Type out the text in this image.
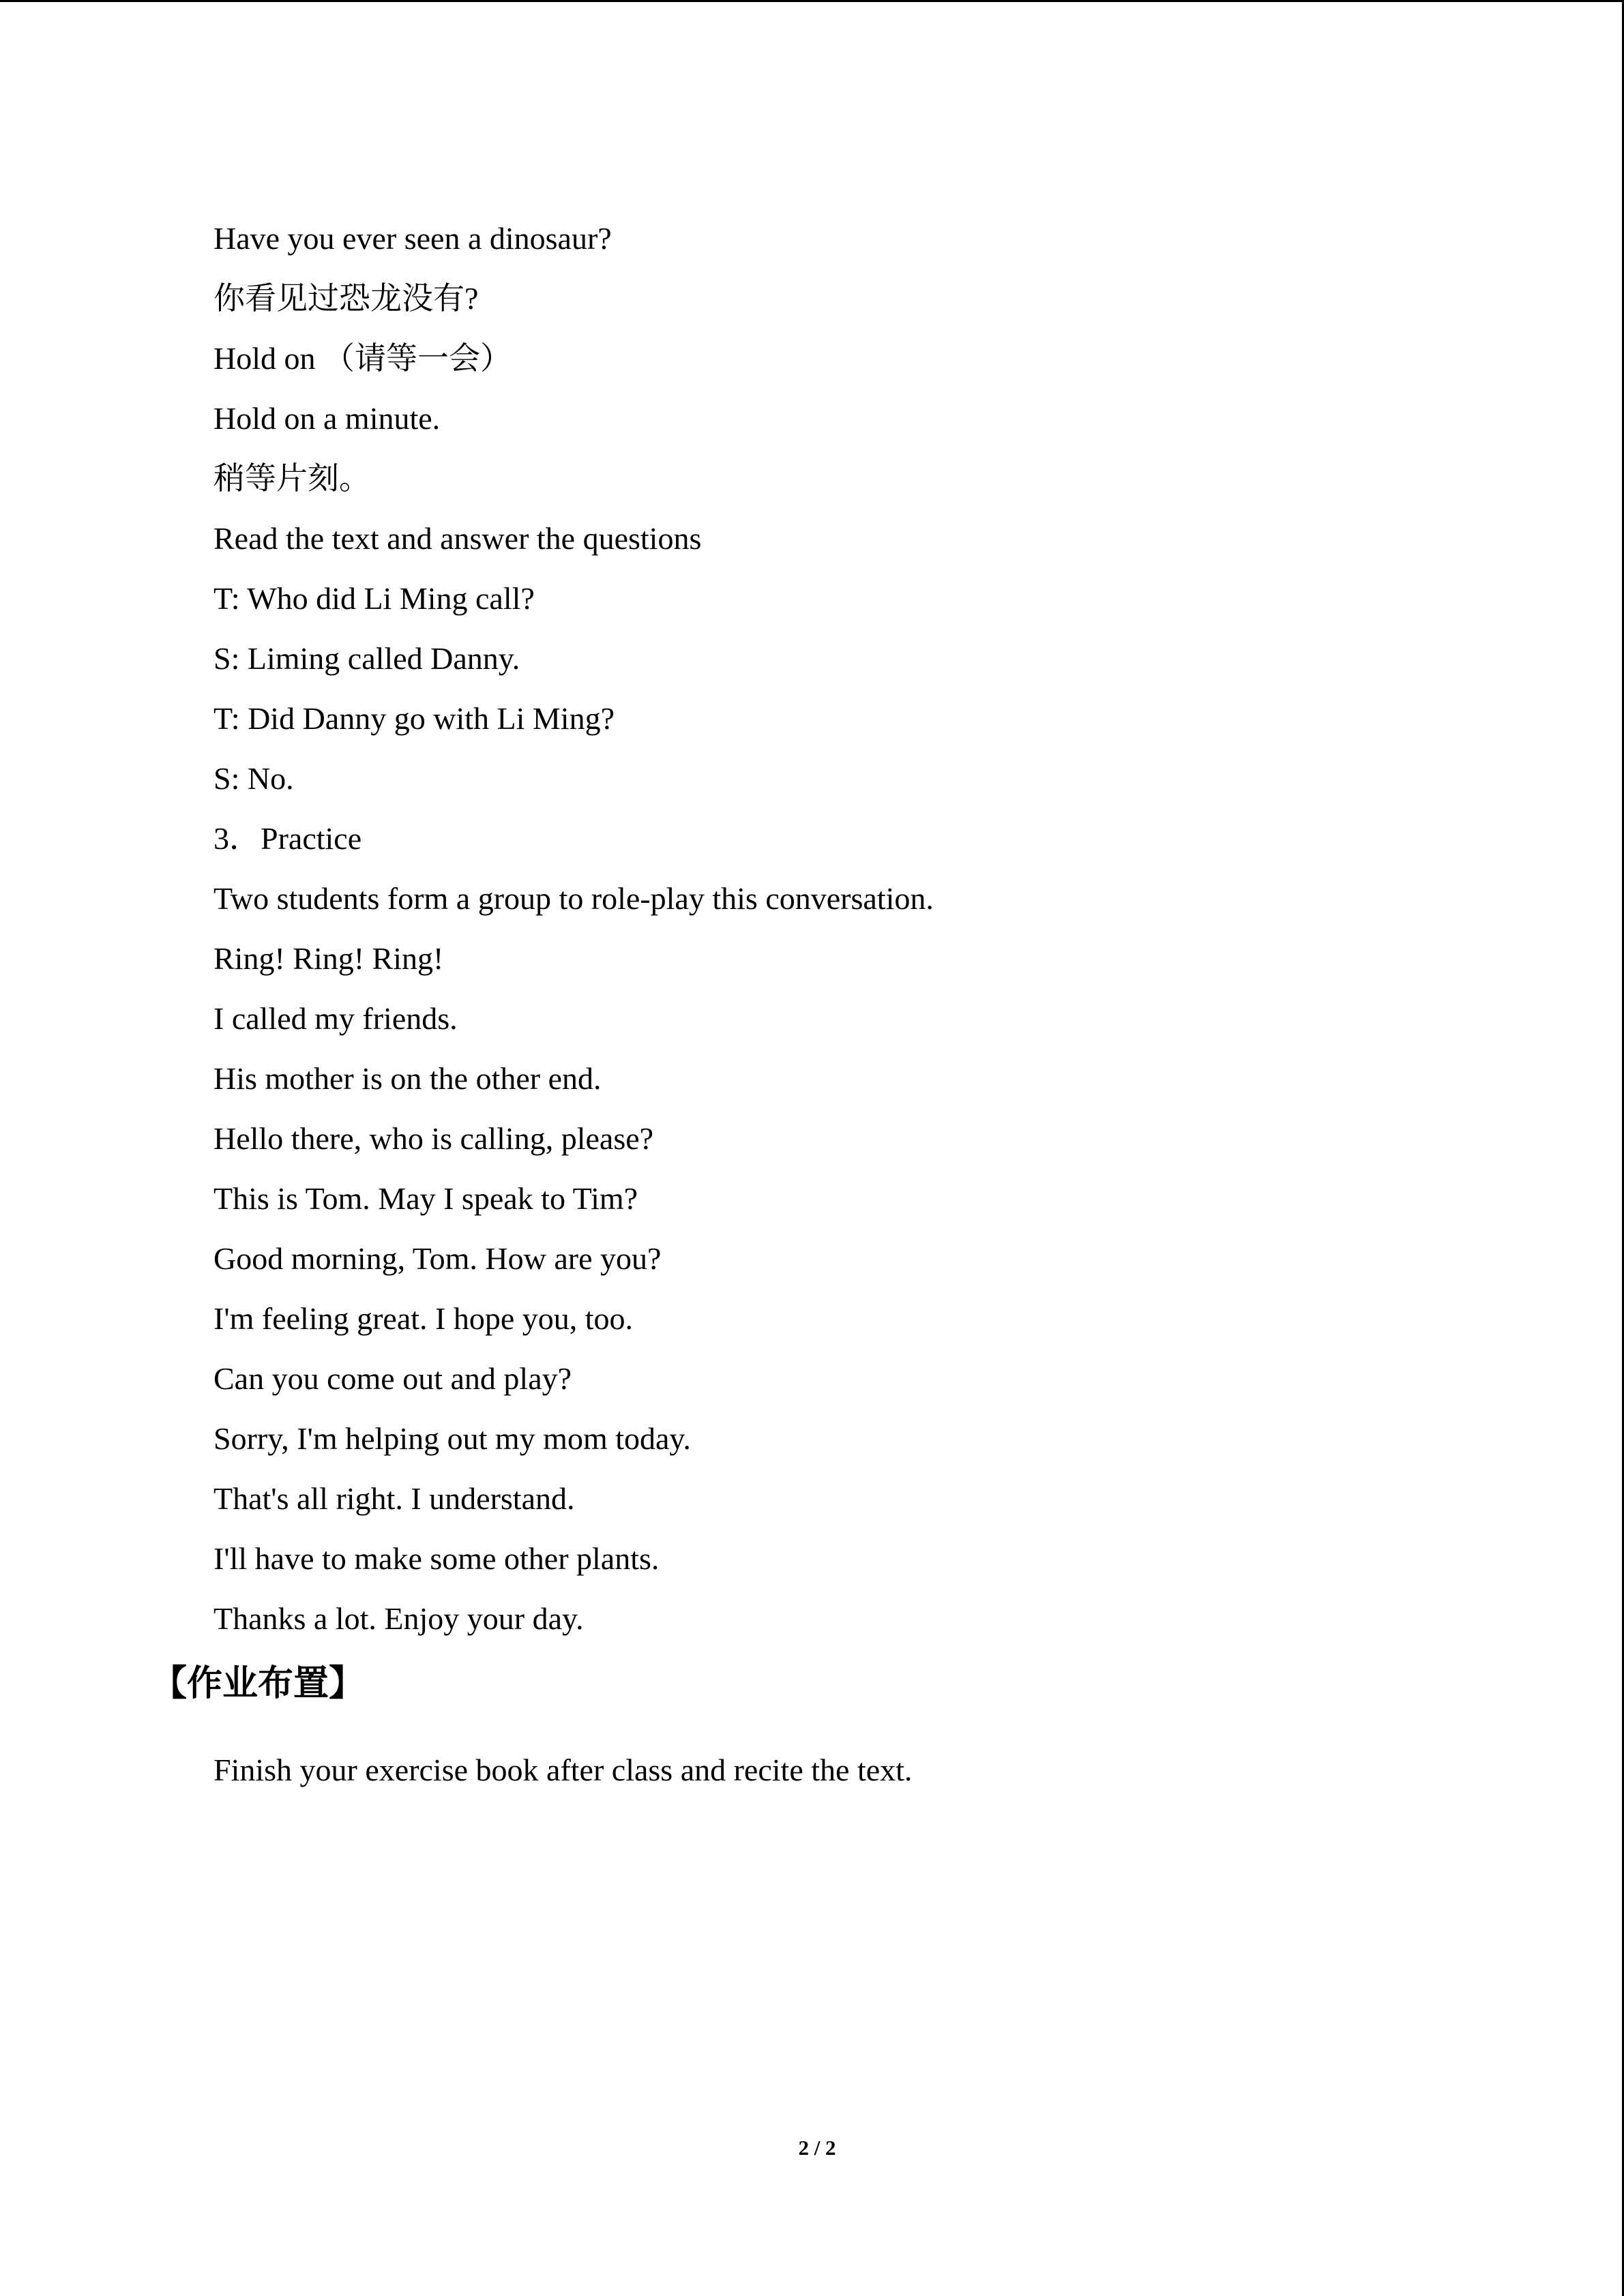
Have you ever seen a dinosaur?
你看见过恐龙没有?
Hold on （请等一会）
Hold on a minute.
稍等片刻。
Read the text and answer the questions
T: Who did Li Ming call?
S: Liming called Danny.
T: Did Danny go with Li Ming?
S: No.
3．Practice
Two students form a group to role-play this conversation.
Ring! Ring! Ring!
I called my friends.
His mother is on the other end.
Hello there, who is calling, please?
This is Tom. May I speak to Tim?
Good morning, Tom. How are you?
I'm feeling great. I hope you, too.
Can you come out and play?
Sorry, I'm helping out my mom today.
That's all right. I understand.
I'll have to make some other plants.
Thanks a lot. Enjoy your day.
【作业布置】
Finish your exercise book after class and recite the text.
2 / 2
